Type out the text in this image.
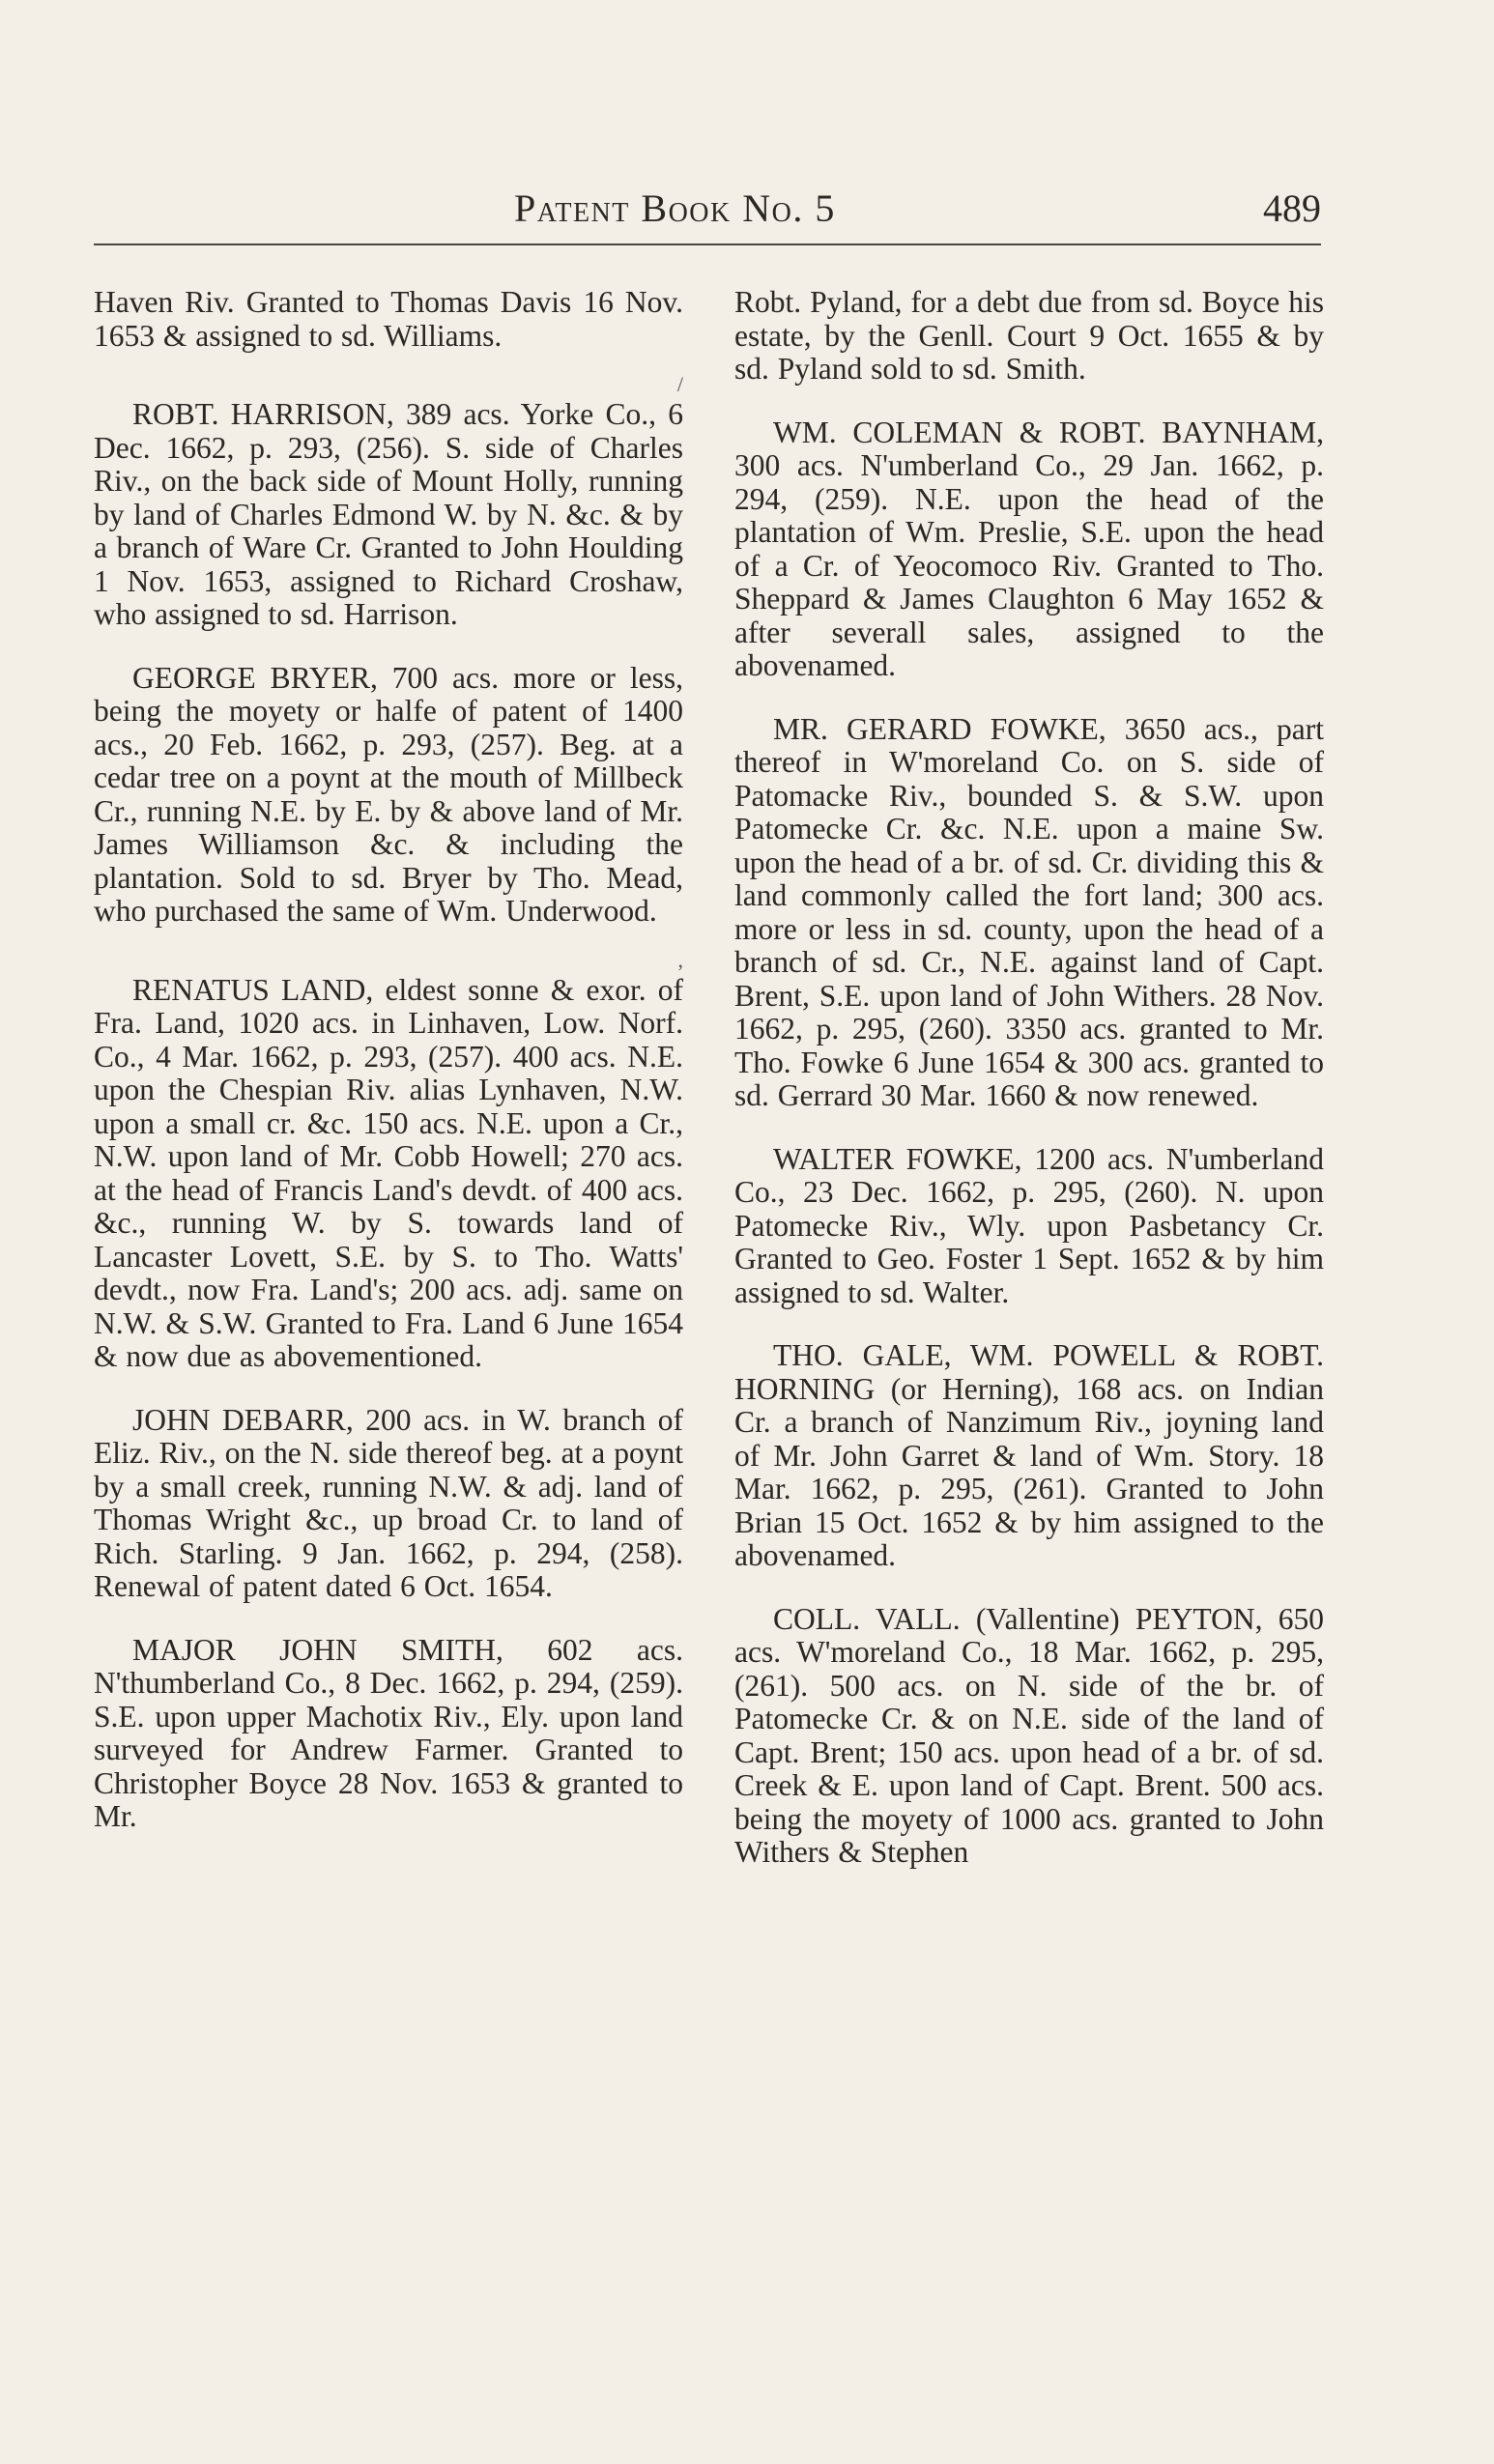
Patent Book No. 5	489

Haven Riv. Granted to Thomas Davis 16 Nov. 1653 & assigned to sd. Williams.

/

ROBT. HARRISON, 389 acs. Yorke Co., 6 Dec. 1662, p. 293, (256). S. side of Charles Riv., on the back side of Mount Holly, running by land of Charles Edmond W. by N. &c. & by a branch of Ware Cr. Granted to John Houlding 1 Nov. 1653, assigned to Richard Croshaw, who assigned to sd. Harrison.

GEORGE BRYER, 700 acs. more or less, being the moyety or halfe of patent of 1400 acs., 20 Feb. 1662, p. 293, (257). Beg. at a cedar tree on a poynt at the mouth of Millbeck Cr., running N.E. by E. by & above land of Mr. James Williamson &c. & including the plantation. Sold to sd. Bryer by Tho. Mead, who purchased the same of Wm. Underwood.

,

RENATUS LAND, eldest sonne & exor. of Fra. Land, 1020 acs. in Linhaven, Low. Norf. Co., 4 Mar. 1662, p. 293, (257). 400 acs. N.E. upon the Chespian Riv. alias Lynhaven, N.W. upon a small cr. &c. 150 acs. N.E. upon a Cr., N.W. upon land of Mr. Cobb Howell; 270 acs. at the head of Francis Land's devdt. of 400 acs. &c., running W. by S. towards land of Lancaster Lovett, S.E. by S. to Tho. Watts' devdt., now Fra. Land's; 200 acs. adj. same on N.W. & S.W. Granted to Fra. Land 6 June 1654 & now due as abovementioned.

JOHN DEBARR, 200 acs. in W. branch of Eliz. Riv., on the N. side thereof beg. at a poynt by a small creek, running N.W. & adj. land of Thomas Wright &c., up broad Cr. to land of Rich. Starling. 9 Jan. 1662, p. 294, (258). Renewal of patent dated 6 Oct. 1654.

MAJOR JOHN SMITH, 602 acs. N'thumberland Co., 8 Dec. 1662, p. 294, (259). S.E. upon upper Machotix Riv., Ely. upon land surveyed for Andrew Farmer. Granted to Christopher Boyce 28 Nov. 1653 & granted to Mr.

Robt. Pyland, for a debt due from sd. Boyce his estate, by the Genll. Court 9 Oct. 1655 & by sd. Pyland sold to sd. Smith.

WM. COLEMAN & ROBT. BAYNHAM, 300 acs. N'umberland Co., 29 Jan. 1662, p. 294, (259). N.E. upon the head of the plantation of Wm. Preslie, S.E. upon the head of a Cr. of Yeocomoco Riv. Granted to Tho. Sheppard & James Claughton 6 May 1652 & after severall sales, assigned to the abovenamed.

MR. GERARD FOWKE, 3650 acs., part thereof in W'moreland Co. on S. side of Patomacke Riv., bounded S. & S.W. upon Patomecke Cr. &c. N.E. upon a maine Sw. upon the head of a br. of sd. Cr. dividing this & land commonly called the fort land; 300 acs. more or less in sd. county, upon the head of a branch of sd. Cr., N.E. against land of Capt. Brent, S.E. upon land of John Withers. 28 Nov. 1662, p. 295, (260). 3350 acs. granted to Mr. Tho. Fowke 6 June 1654 & 300 acs. granted to sd. Gerrard 30 Mar. 1660 & now renewed.

WALTER FOWKE, 1200 acs. N'umberland Co., 23 Dec. 1662, p. 295, (260). N. upon Patomecke Riv., Wly. upon Pasbetancy Cr. Granted to Geo. Foster 1 Sept. 1652 & by him assigned to sd. Walter.

THO. GALE, WM. POWELL & ROBT. HORNING (or Herning), 168 acs. on Indian Cr. a branch of Nanzimum Riv., joyning land of Mr. John Garret & land of Wm. Story. 18 Mar. 1662, p. 295, (261). Granted to John Brian 15 Oct. 1652 & by him assigned to the abovenamed.

COLL. VALL. (Vallentine) PEYTON, 650 acs. W'moreland Co., 18 Mar. 1662, p. 295, (261). 500 acs. on N. side of the br. of Patomecke Cr. & on N.E. side of the land of Capt. Brent; 150 acs. upon head of a br. of sd. Creek & E. upon land of Capt. Brent. 500 acs. being the moyety of 1000 acs. granted to John Withers & Stephen
